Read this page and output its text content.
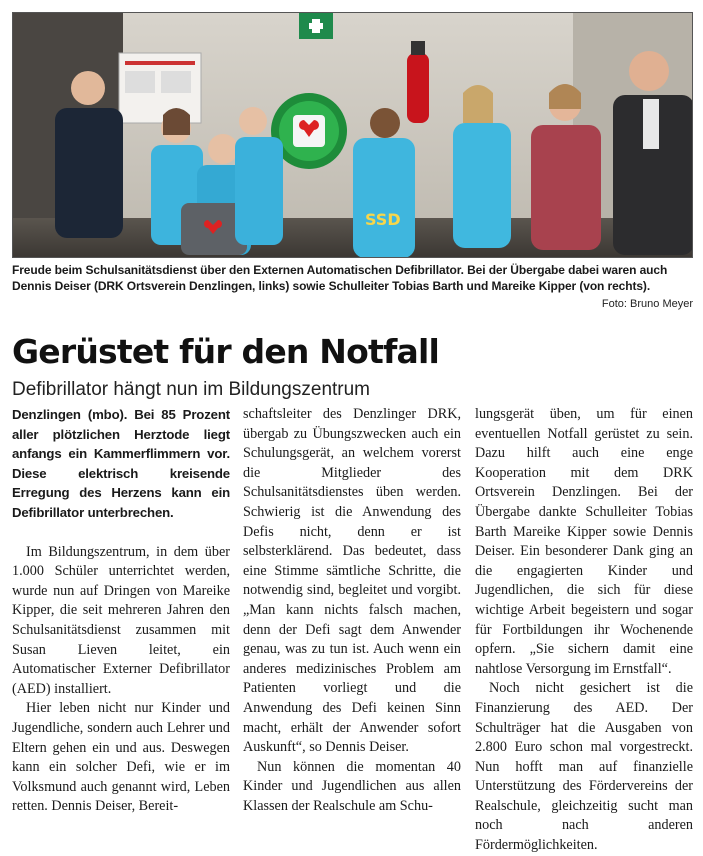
SSD
Freude beim Schulsanitätsdienst über den Externen Automatischen Defibrillator. Bei der Übergabe dabei waren auch Dennis Deiser (DRK Ortsverein Denzlingen, links) sowie Schulleiter Tobias Barth und Mareike Kipper (von rechts).
Foto: Bruno Meyer
Gerüstet für den Notfall
Defibrillator hängt nun im Bildungszentrum

Denzlingen (mbo). Bei 85 Prozent aller plötzlichen Herztode liegt anfangs ein Kammerflimmern vor. Diese elektrisch kreisende Erregung des Herzens kann ein Defibrillator unterbrechen.

Im Bildungszentrum, in dem über 1.000 Schüler unterrichtet werden, wurde nun auf Dringen von Mareike Kipper, die seit mehreren Jahren den Schulsanitätsdienst zusammen mit Susan Lieven leitet, ein Automatischer Externer Defibrillator (AED) installiert.

Hier leben nicht nur Kinder und Jugendliche, sondern auch Lehrer und Eltern gehen ein und aus. Deswegen kann ein solcher Defi, wie er im Volksmund auch genannt wird, Leben retten. Dennis Deiser, Bereit-

schaftsleiter des Denzlinger DRK, übergab zu Übungszwecken auch ein Schulungsgerät, an welchem vorerst die Mitglieder des Schulsanitätsdienstes üben werden. Schwierig ist die Anwendung des Defis nicht, denn er ist selbsterklärend. Das bedeutet, dass eine Stimme sämtliche Schritte, die notwendig sind, begleitet und vorgibt. „Man kann nichts falsch machen, denn der Defi sagt dem Anwender genau, was zu tun ist. Auch wenn ein anderes medizinisches Problem am Patienten vorliegt und die Anwendung des Defi keinen Sinn macht, erhält der Anwender sofort Auskunft“, so Dennis Deiser.

Nun können die momentan 40 Kinder und Jugendlichen aus allen Klassen der Realschule am Schu-

lungsgerät üben, um für einen eventuellen Notfall gerüstet zu sein. Dazu hilft auch eine enge Kooperation mit dem DRK Ortsverein Denzlingen. Bei der Übergabe dankte Schulleiter Tobias Barth Mareike Kipper sowie Dennis Deiser. Ein besonderer Dank ging an die engagierten Kinder und Jugendlichen, die sich für diese wichtige Arbeit begeistern und sogar für Fortbildungen ihr Wochenende opfern. „Sie sichern damit eine nahtlose Versorgung im Ernstfall“.

Noch nicht gesichert ist die Finanzierung des AED. Der Schulträger hat die Ausgaben von 2.800 Euro schon mal vorgestreckt. Nun hofft man auf finanzielle Unterstützung des Fördervereins der Realschule, gleichzeitig sucht man noch nach anderen Fördermöglichkeiten.
